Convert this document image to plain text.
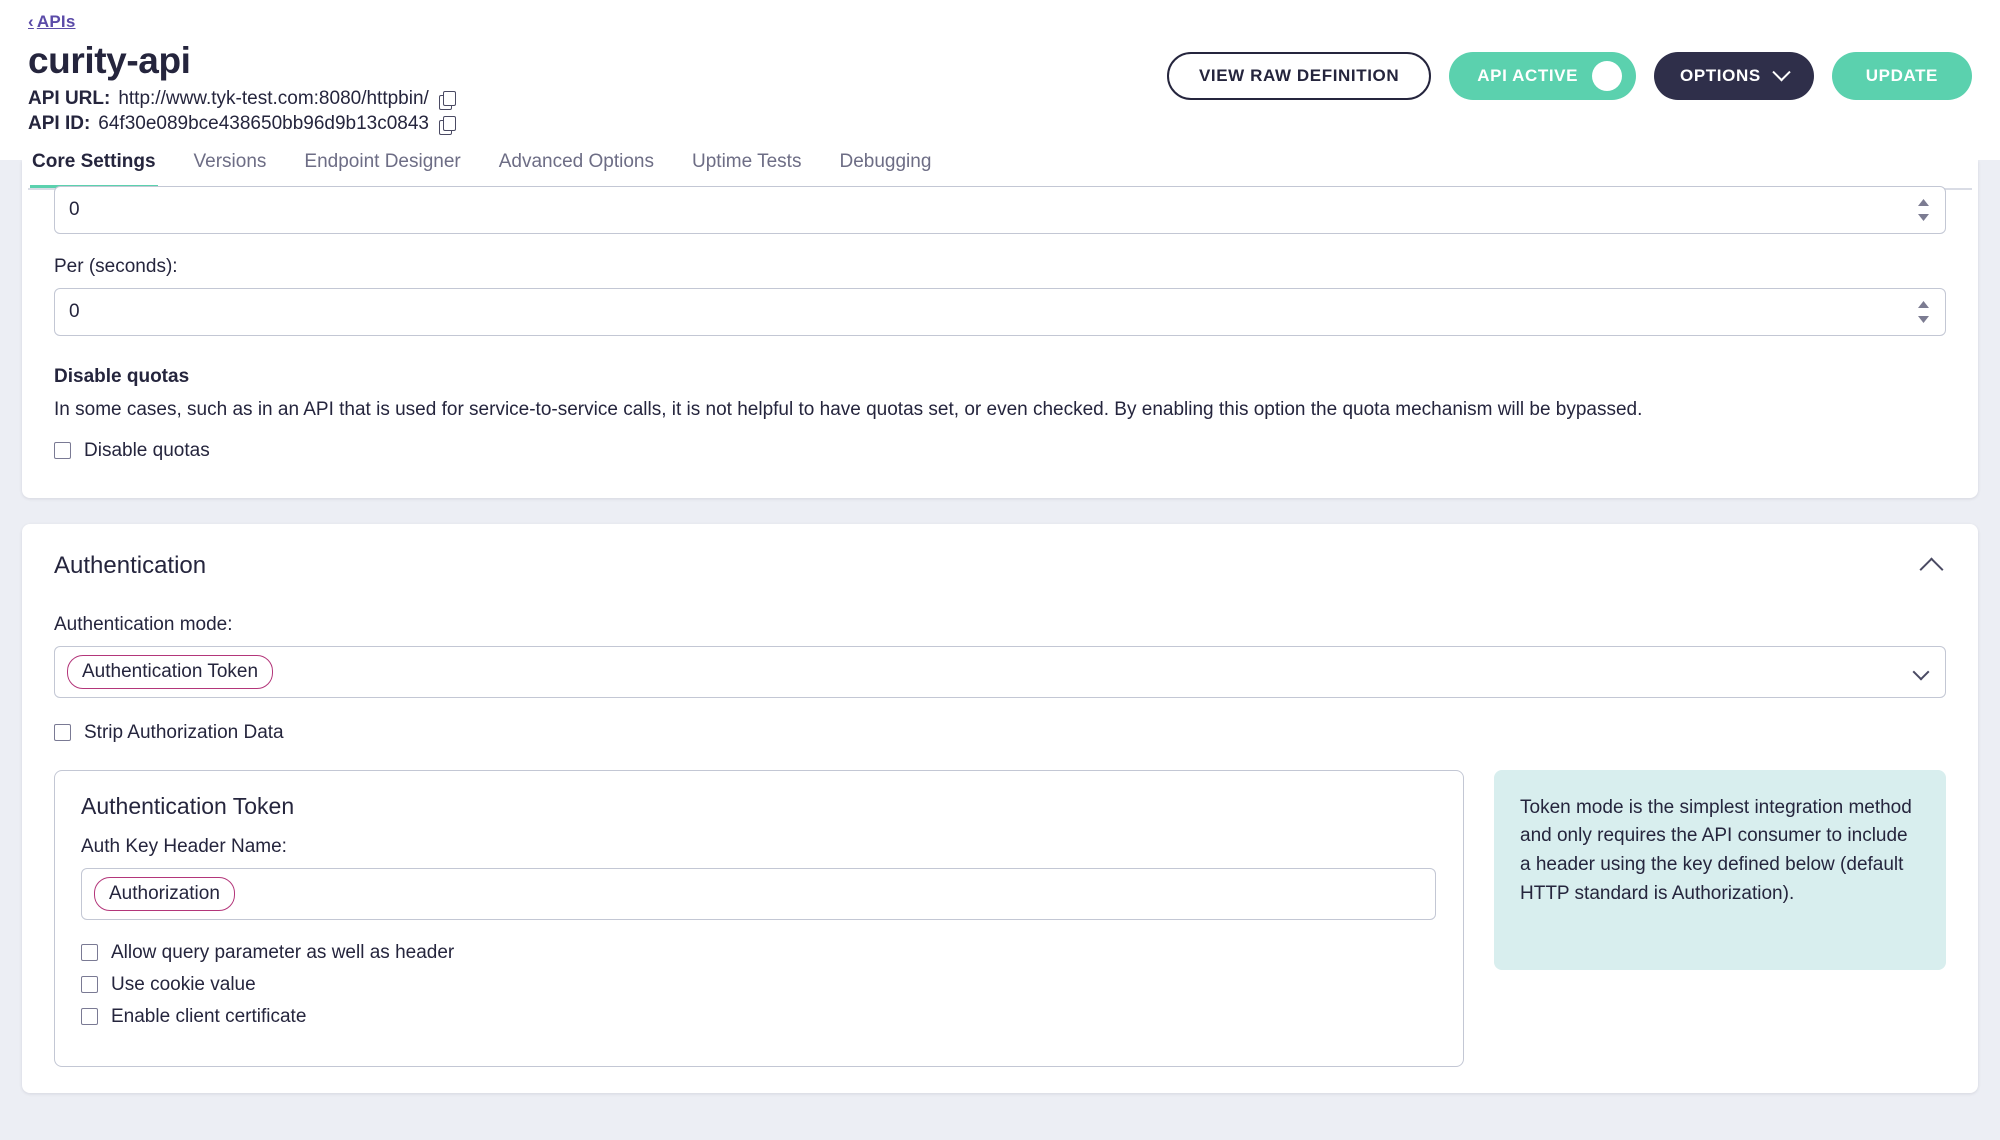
‹ APIs
curity-api
API URL: http://www.tyk-test.com:8080/httpbin/
API ID: 64f30e089bce438650bb96d9b13c0843
VIEW RAW DEFINITION	API ACTIVE	OPTIONS	UPDATE
Core Settings Versions Endpoint Designer Advanced Options Uptime Tests Debugging
0
Per (seconds):
0
Disable quotas
In some cases, such as in an API that is used for service-to-service calls, it is not helpful to have quotas set, or even checked. By enabling this option the quota mechanism will be bypassed.
Disable quotas
Authentication
Authentication mode:
Authentication Token
Strip Authorization Data
Authentication Token
Auth Key Header Name:
Authorization
Allow query parameter as well as header
Use cookie value
Enable client certificate
Token mode is the simplest integration method and only requires the API consumer to include a header using the key defined below (default HTTP standard is Authorization).
